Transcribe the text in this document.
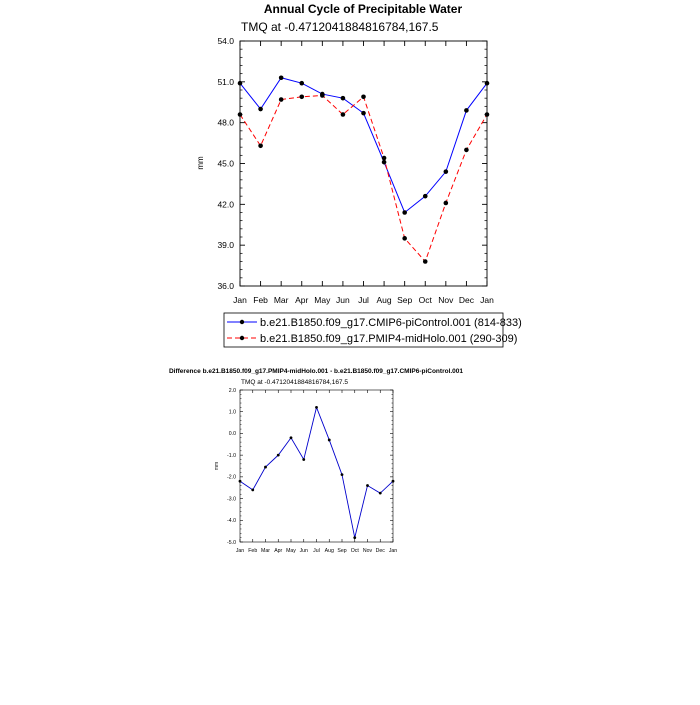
Annual Cycle of Precipitable Water
TMQ at -0.4712041884816784,167.5
mm
36.0
39.0
42.0
45.0
48.0
51.0
54.0
Jan Feb Mar Apr May Jun Jul Aug Sep Oct Nov Dec Jan
b.e21.B1850.f09_g17.CMIP6-piControl.001 (814-833)
b.e21.B1850.f09_g17.PMIP4-midHolo.001 (290-309)
Difference b.e21.B1850.f09_g17.PMIP4-midHolo.001 - b.e21.B1850.f09_g17.CMIP6-piControl.001
TMQ at -0.4712041884816784,167.5
mm
-5.0
-4.0
-3.0
-2.0
-1.0
0.0
1.0
2.0
Jan Feb Mar Apr May Jun Jul Aug Sep Oct Nov Dec Jan
